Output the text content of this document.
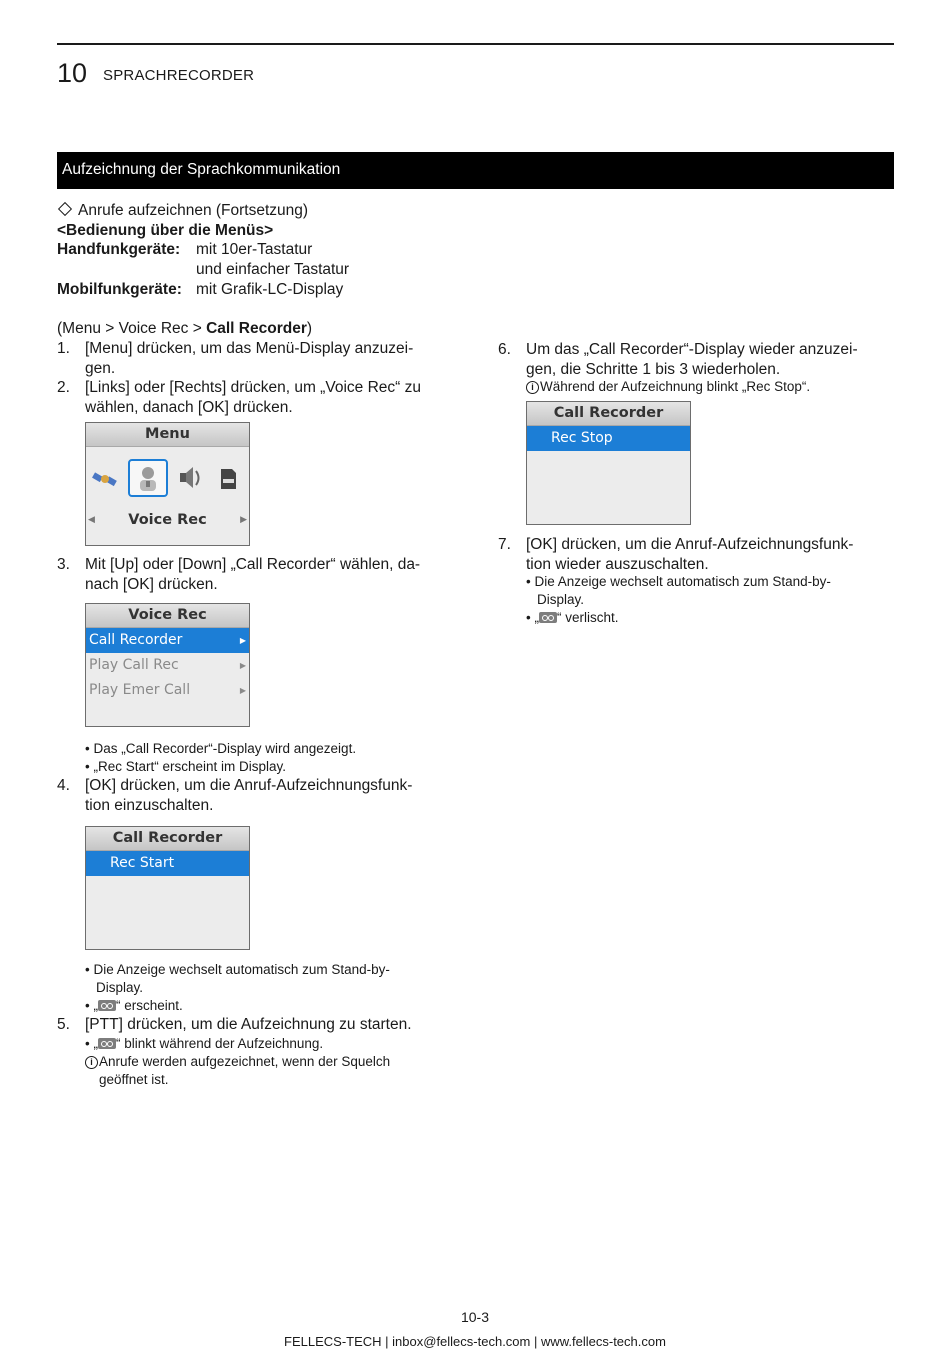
10 SPRACHRECORDER
Aufzeichnung der Sprachkommunikation
Anrufe aufzeichnen (Fortsetzung)
<Bedienung über die Menüs>
Handfunkgeräte: mit 10er-Tastatur
und einfacher Tastatur
Mobilfunkgeräte: mit Grafik-LC-Display
(Menu > Voice Rec > Call Recorder)
1. [Menu] drücken, um das Menü-Display anzuzei-
gen.
2. [Links] oder [Rechts] drücken, um „Voice Rec“ zu
wählen, danach [OK] drücken.
Menu
◀ Voice Rec	▶
3. Mit [Up] oder [Down] „Call Recorder“ wählen, da-
nach [OK] drücken.
Voice Rec
Call Recorder	▶
Play Call Rec	▶
Play Emer Call	▶
• Das „Call Recorder“-Display wird angezeigt.
• „Rec Start“ erscheint im Display.
4. [OK] drücken, um die Anruf-Aufzeichnungsfunk-
tion einzuschalten.
Call Recorder
Rec Start
• Die Anzeige wechselt automatisch zum Stand-by-
Display.
• „ “ erscheint.
5. [PTT] drücken, um die Aufzeichnung zu starten.
• „ “ blinkt während der Aufzeichnung.
i Anrufe werden aufgezeichnet, wenn der Squelch
geöffnet ist.
6. Um das „Call Recorder“-Display wieder anzuzei-
gen, die Schritte 1 bis 3 wiederholen.
i Während der Aufzeichnung blinkt „Rec Stop“.
Call Recorder
Rec Stop
7. [OK] drücken, um die Anruf-Aufzeichnungsfunk-
tion wieder auszuschalten.
• Die Anzeige wechselt automatisch zum Stand-by-
Display.
• „ “ verlischt.
10-3
FELLECS-TECH | inbox@fellecs-tech.com | www.fellecs-tech.com
